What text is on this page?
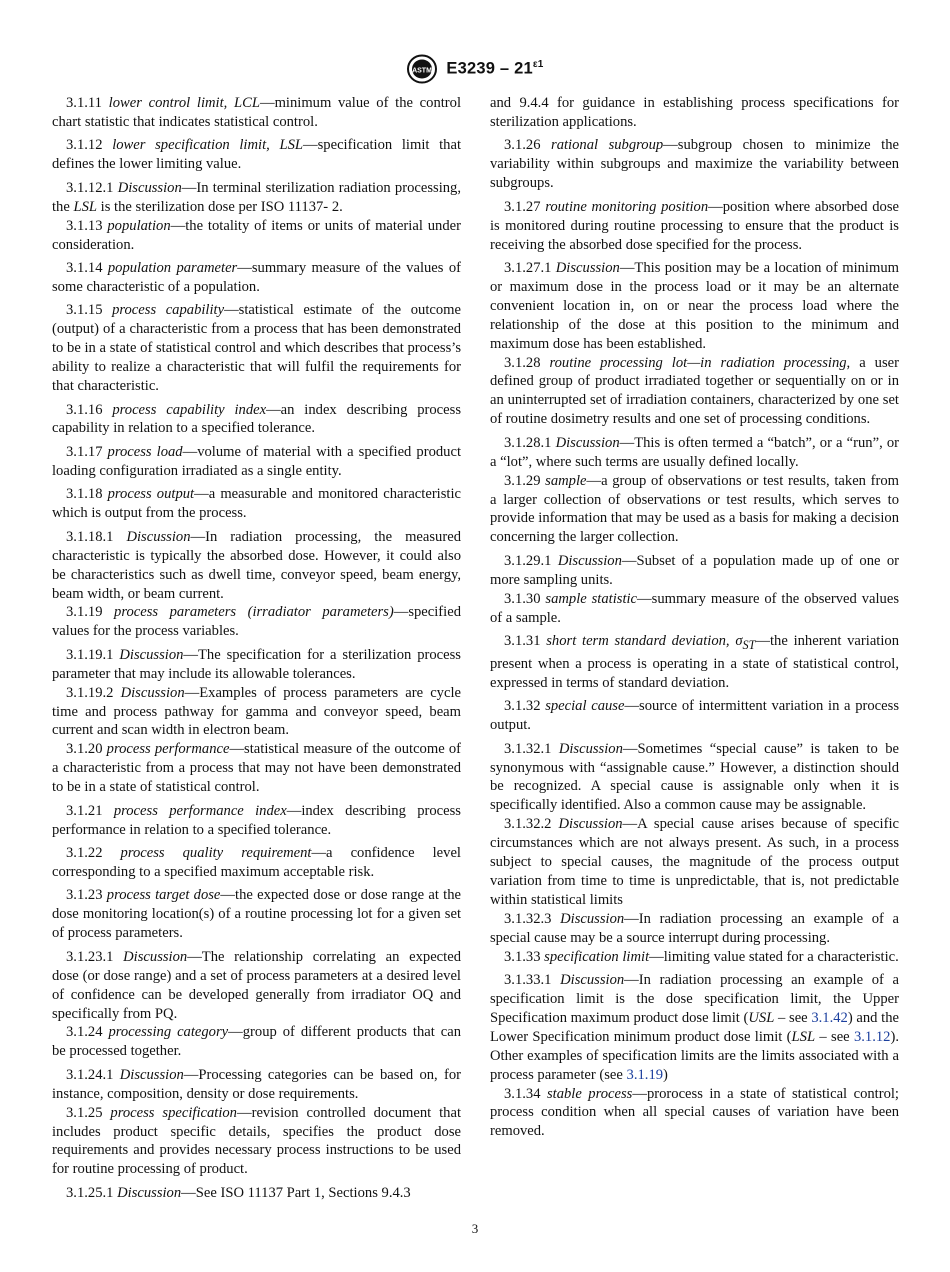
ASTM $E3239 - 21^{\varepsilon 1}$

3.1.11 lower control limit, LCL—minimum value of the control chart statistic that indicates statistical control.

3.1.12 lower specification limit, LSL—specification limit that defines the lower limiting value.

3.1.12.1 Discussion—In terminal sterilization radiation processing, the LSL is the sterilization dose per ISO 11137- 2.

3.1.13 population—the totality of items or units of material under consideration.

3.1.14 population parameter—summary measure of the values of some characteristic of a population.

3.1.15 process capability—statistical estimate of the outcome (output) of a characteristic from a process that has been demonstrated to be in a state of statistical control and which describes that process’s ability to realize a characteristic that will fulfil the requirements for that characteristic.

3.1.16 process capability index—an index describing process capability in relation to a specified tolerance.

3.1.17 process load—volume of material with a specified product loading configuration irradiated as a single entity.

3.1.18 process output—a measurable and monitored characteristic which is output from the process.

3.1.18.1 Discussion—In radiation processing, the measured characteristic is typically the absorbed dose. However, it could also be characteristics such as dwell time, conveyor speed, beam energy, beam width, or beam current.

3.1.19 process parameters (irradiator parameters)—specified values for the process variables.

3.1.19.1 Discussion—The specification for a sterilization process parameter that may include its allowable tolerances.

3.1.19.2 Discussion—Examples of process parameters are cycle time and process pathway for gamma and conveyor speed, beam current and scan width in electron beam.

3.1.20 process performance—statistical measure of the outcome of a characteristic from a process that may not have been demonstrated to be in a state of statistical control.

3.1.21 process performance index—index describing process performance in relation to a specified tolerance.

3.1.22 process quality requirement—a confidence level corresponding to a specified maximum acceptable risk.

3.1.23 process target dose—the expected dose or dose range at the dose monitoring location(s) of a routine processing lot for a given set of process parameters.

3.1.23.1 Discussion—The relationship correlating an expected dose (or dose range) and a set of process parameters at a desired level of confidence can be developed generally from irradiator OQ and specifically from PQ.

3.1.24 processing category—group of different products that can be processed together.

3.1.24.1 Discussion—Processing categories can be based on, for instance, composition, density or dose requirements.

3.1.25 process specification—revision controlled document that includes product specific details, specifies the product dose requirements and provides necessary process instructions to be used for routine processing of product.

3.1.25.1 Discussion—See ISO 11137 Part 1, Sections 9.4.3

and 9.4.4 for guidance in establishing process specifications for sterilization applications.

3.1.26 rational subgroup—subgroup chosen to minimize the variability within subgroups and maximize the variability between subgroups.

3.1.27 routine monitoring position—position where absorbed dose is monitored during routine processing to ensure that the product is receiving the absorbed dose specified for the process.

3.1.27.1 Discussion—This position may be a location of minimum or maximum dose in the process load or it may be an alternate convenient location in, on or near the process load where the relationship of the dose at this position to the minimum and maximum dose has been established.

3.1.28 routine processing lot—in radiation processing, a user defined group of product irradiated together or sequentially on or in an uninterrupted set of irradiation containers, characterized by one set of routine dosimetry results and one set of processing conditions.

3.1.28.1 Discussion—This is often termed a “batch”, or a “run”, or a “lot”, where such terms are usually defined locally.

3.1.29 sample—a group of observations or test results, taken from a larger collection of observations or test results, which serves to provide information that may be used as a basis for making a decision concerning the larger collection.

3.1.29.1 Discussion—Subset of a population made up of one or more sampling units.

3.1.30 sample statistic—summary measure of the observed values of a sample.

3.1.31 short term standard deviation, $\sigma_{ST}—the$ inherent variation present when a process is operating in a state of statistical control, expressed in terms of standard deviation.

3.1.32 special cause—source of intermittent variation in a process output.

3.1.32.1 Discussion—Sometimes “special cause” is taken to be synonymous with “assignable cause.” However, a distinction should be recognized. A special cause is assignable only when it is specifically identified. Also a common cause may be assignable.

3.1.32.2 Discussion—A special cause arises because of specific circumstances which are not always present. As such, in a process subject to special causes, the magnitude of the process output variation from time to time is unpredictable, that is, not predictable within statistical limits

3.1.32.3 Discussion—In radiation processing an example of a special cause may be a source interrupt during processing.

3.1.33 specification limit—limiting value stated for a characteristic.

3.1.33.1 Discussion—In radiation processing an example of a specification limit is the dose specification limit, the Upper Specification maximum product dose limit (USL – see 3.1.42) and the Lower Specification minimum product dose limit (LSL – see 3.1.12). Other examples of specification limits are the limits associated with a process parameter (see 3.1.19)

3.1.34 stable process—prorocess in a state of statistical control; process condition when all special causes of variation have been removed.

3
